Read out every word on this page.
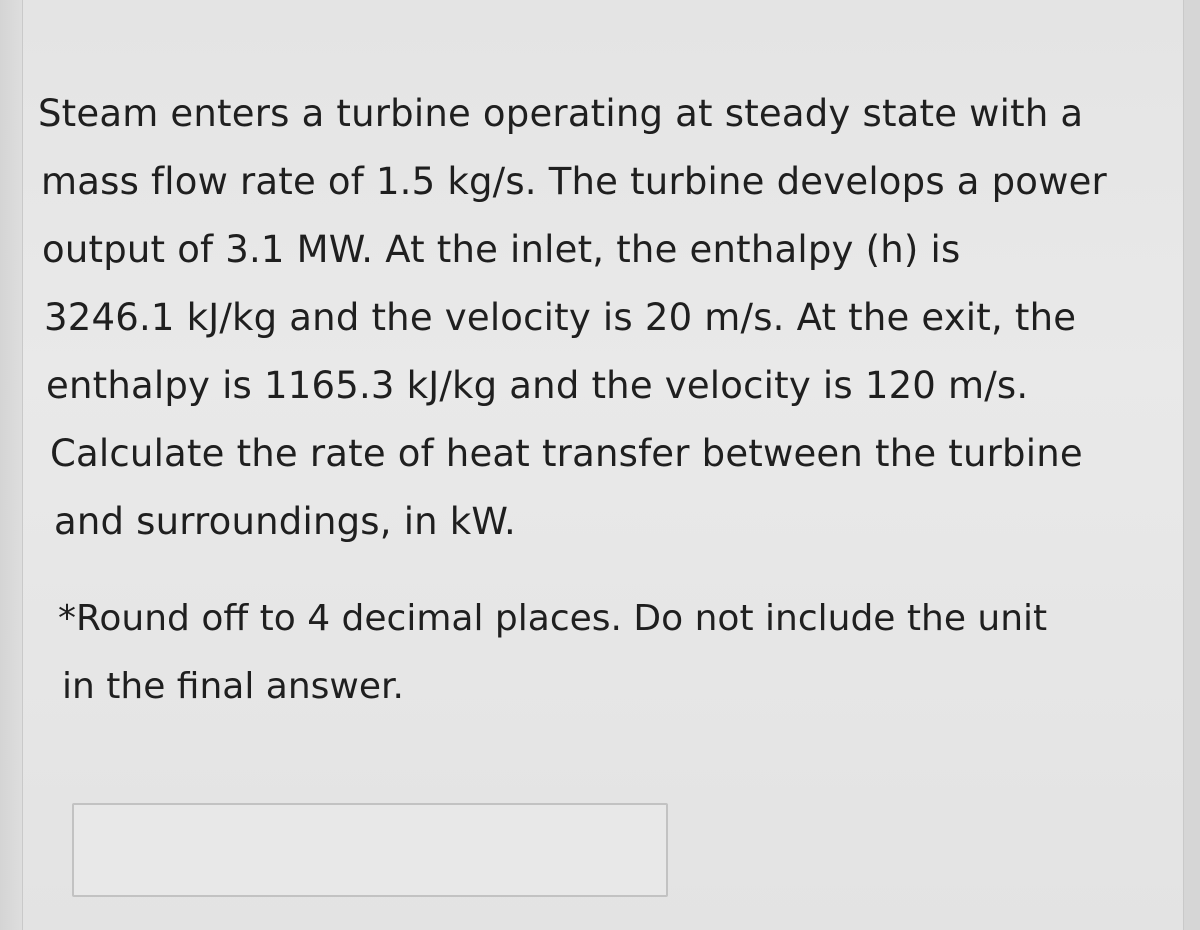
Steam enters a turbine operating at steady state with a
mass flow rate of 1.5 kg/s. The turbine develops a power
output of 3.1 MW. At the inlet, the enthalpy (h) is
3246.1 kJ/kg and the velocity is 20 m/s. At the exit, the
enthalpy is 1165.3 kJ/kg and the velocity is 120 m/s.
Calculate the rate of heat transfer between the turbine
and surroundings, in kW.
*Round off to 4 decimal places. Do not include the unit
in the final answer.
